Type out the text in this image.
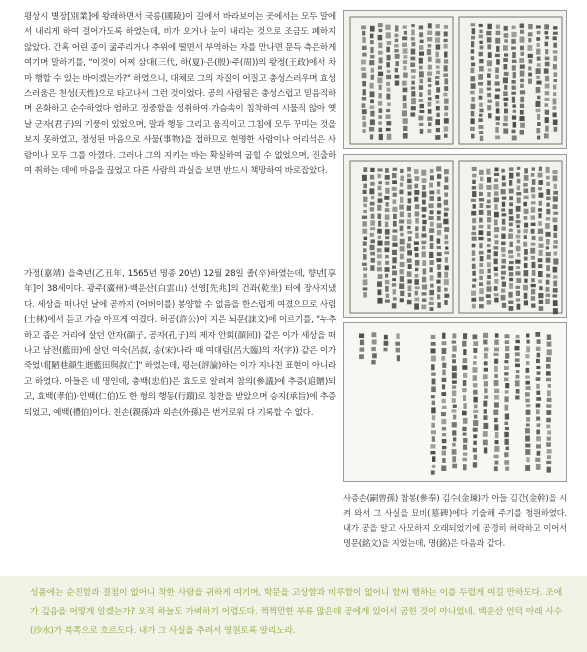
평상시 별장[別業]에 왕래하면서 국릉(國陵)이 길에서 바라보이는 곳에서는 모두 말에서 내리게 하여 걸어가도록 하였는데, 비가 오거나 눈이 내리는 것으로 조금도 폐하지 않았다. 간혹 어린 종이 굶주리거나 추위에 떨면서 부역하는 자를 만나면 문득 측은하게 여기며 말하기를, "이것이 어찌 삼대(三代, 하(夏)·은(殷)·주(周))의 왕정(王政)에서 차마 행할 수 있는 바이겠는가?" 하였으니, 대체로 그의 자질이 어질고 충성스러우며 효성스러움은 천성(天性)으로 타고나서 그런 것이었다. 공의 사람됨은 충성스럽고 믿음직하며 온화하고 순수하였다 엄하고 정중함을 성취하여 가슴속이 침착하여 시물직 않아 옛날 군자(君子)의 기풍이 있었으며, 말과 행동 그리고 움직이고 그침에 모두 꾸미는 것을 보지 못하였고, 정성된 마음으로 사물(事物)을 접하므로 현명한 사람이나 어리석은 사람이나 모두 그를 아꼈다. 그러나 그의 지키는 바는 확실하여 굽힐 수 없었으며, 진출하여 취하는 데에 마음을 끊었고 다른 사람의 과실을 보면 반드시 책망하여 바로잡았다.

가정(嘉靖) 을축년(乙丑年, 1565년 명종 20년) 12월 28일 졸(卒)하였는데, 향년[享年]이 38세이다. 광주(廣州)·백운산(白雲山) 선영[先兆]의 건좌(乾坐) 터에 장사지냈다. 세상을 떠나던 날에 곧까지 (어버이를) 봉양할 수 없음을 한스럽게 여겼으므로 사림(士林)에서 듣고 가슴 아프게 여겼다. 허공(許公)이 지은 뇌문(誄文)에 이르기를, "누추하고 좁은 거리에 살던 안자(顔子, 공자(孔子)의 제자 안회(顔回)) 같은 이가 세상을 떠나고 남전(藍田)에 살던 여숙(呂叔, 송(宋)나라 때 여대림(呂大臨)의 자(字)) 같은 이가 죽었네[陋巷顔生逝藍田與叔亡]" 하였는데, 평는(評論)하는 이가 지나친 표현이 아니라고 하였다. 아들은 네 명인데, 충백(忠伯)은 효도로 알려져 참의(參議)에 추증(追贈)되고, 효백(孝伯)·인백(仁伯)도 한 형의 행동(行蹟)로 칭찬을 받았으며 승지(承旨)에 추증되었고, 예백(禮伯)이다. 친손(親孫)과 외손(外孫)은 번거로워 다 기록할 수 없다.

사증손(嗣曾孫) 참봉(參奉) 김수(金㻋)가 아들 김간(金幹)을 시켜 와서 그 사실을 묘비(墓碑)에다 기술해 주기를 청원하였다. 내가 공을 알고 사모하지 오래되었기에 공경히 허락하고 이어서 명문(銘文)을 지었는데, 명(銘)은 다음과 같다.

성품에는 순진함과 결점이 없어니 착한 사람을 귀하게 여기며, 학문을 고상함과 비루함이 없어니 함써 행하는 이를 두렵게 여길 만하도다. 조에가 깊음을 어떻게 알겠는가? 오직 하늘도 가벼하기 어렵도다. 쩍쩍만한 부류 많은데 공에게 있어서 곰힌 것이 아니었네. 백운산 언덕 아래 사수(沙水)가 북쪽으로 흐르도다. 내가 그 사실을 추려서 영원토록 알리노라.
